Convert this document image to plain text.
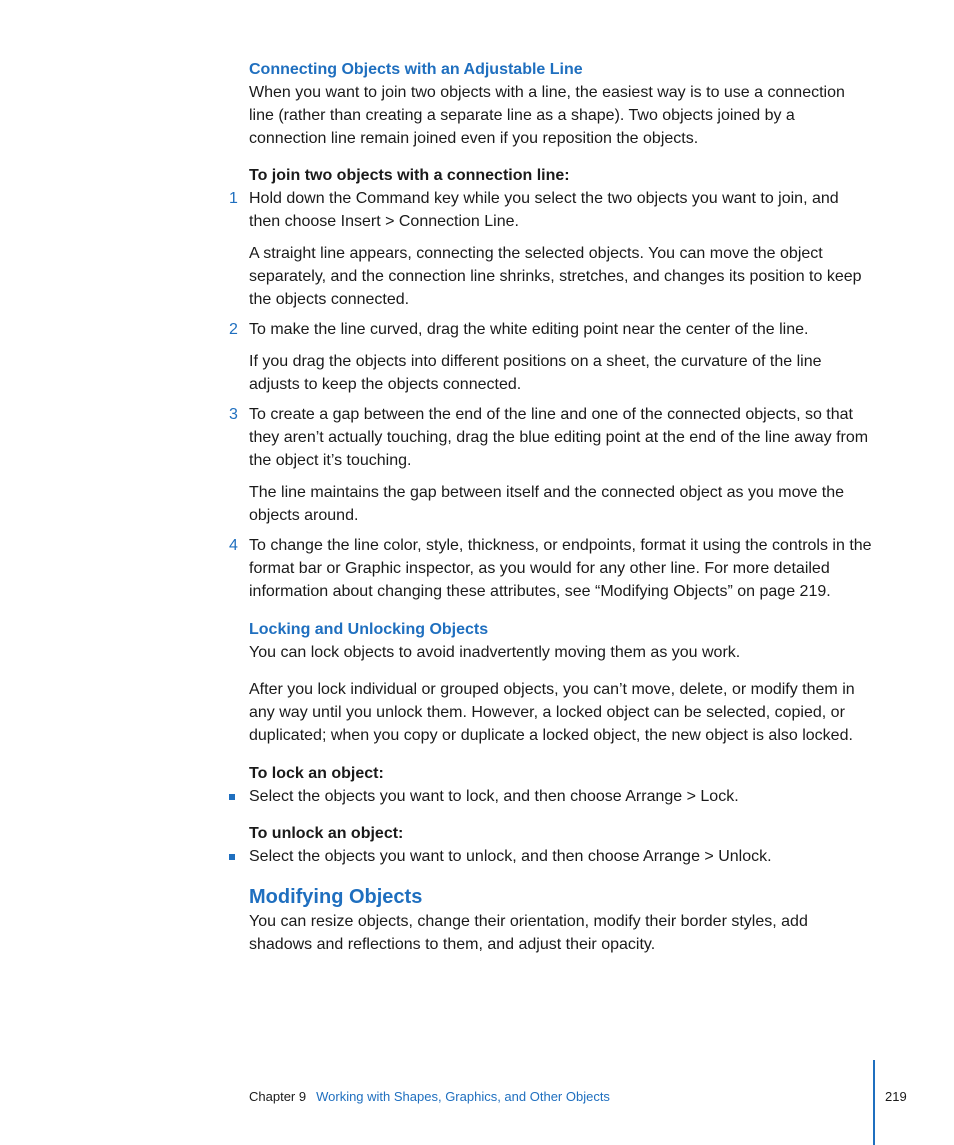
Connecting Objects with an Adjustable Line

When you want to join two objects with a line, the easiest way is to use a connection line (rather than creating a separate line as a shape). Two objects joined by a connection line remain joined even if you reposition the objects.

To join two objects with a connection line:

1 Hold down the Command key while you select the two objects you want to join, and then choose Insert > Connection Line.

A straight line appears, connecting the selected objects. You can move the object separately, and the connection line shrinks, stretches, and changes its position to keep the objects connected.

2 To make the line curved, drag the white editing point near the center of the line.

If you drag the objects into different positions on a sheet, the curvature of the line adjusts to keep the objects connected.

3 To create a gap between the end of the line and one of the connected objects, so that they aren’t actually touching, drag the blue editing point at the end of the line away from the object it’s touching.

The line maintains the gap between itself and the connected object as you move the objects around.

4 To change the line color, style, thickness, or endpoints, format it using the controls in the format bar or Graphic inspector, as you would for any other line. For more detailed information about changing these attributes, see “Modifying Objects” on page 219.

Locking and Unlocking Objects

You can lock objects to avoid inadvertently moving them as you work.

After you lock individual or grouped objects, you can’t move, delete, or modify them in any way until you unlock them. However, a locked object can be selected, copied, or duplicated; when you copy or duplicate a locked object, the new object is also locked.

To lock an object:

Select the objects you want to lock, and then choose Arrange > Lock.

To unlock an object:

Select the objects you want to unlock, and then choose Arrange > Unlock.

Modifying Objects

You can resize objects, change their orientation, modify their border styles, add shadows and reflections to them, and adjust their opacity.

Chapter 9 Working with Shapes, Graphics, and Other Objects	219
